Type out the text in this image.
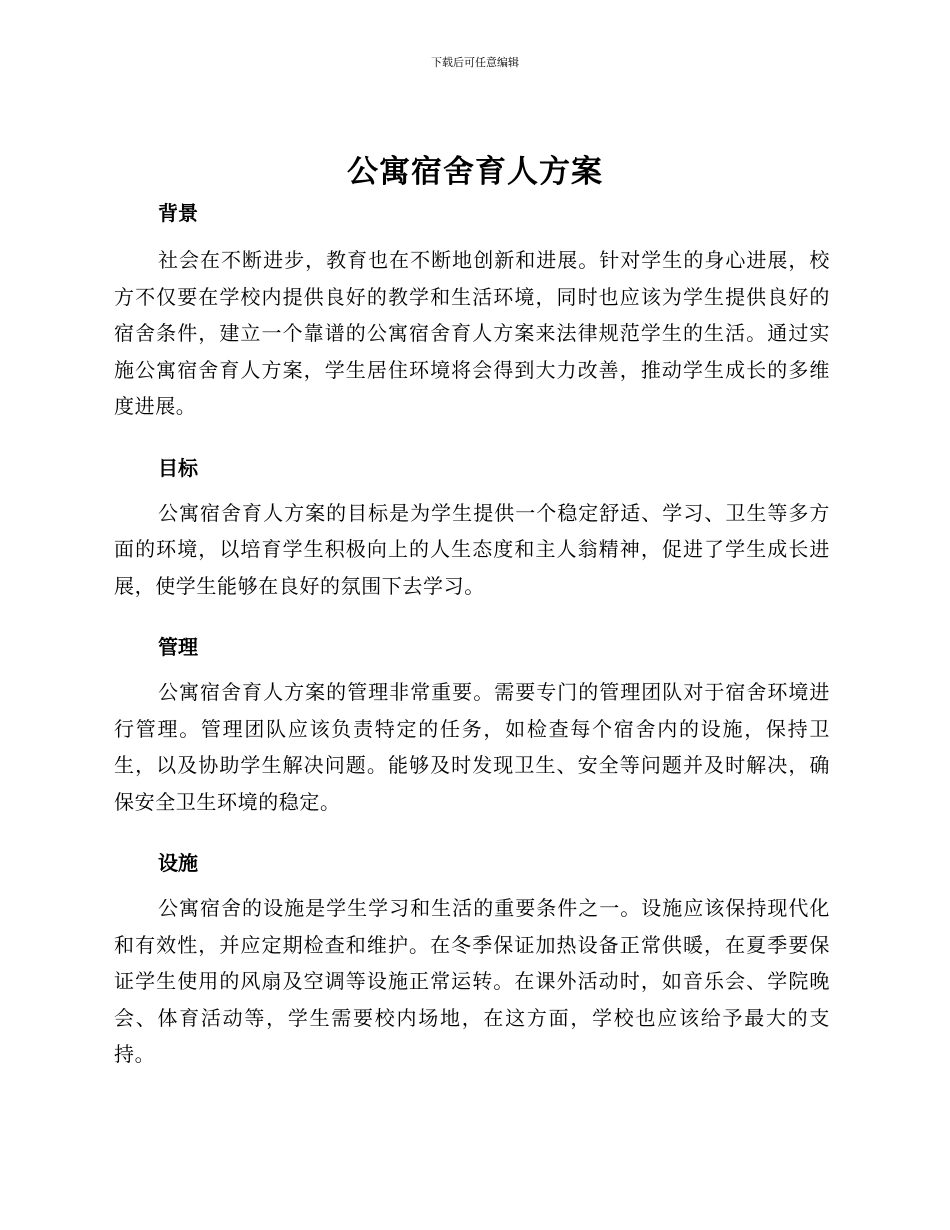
下载后可任意编辑
公寓宿舍育人方案
背景

社会在不断进步，教育也在不断地创新和进展。针对学生的身心进展，校方不仅要在学校内提供良好的教学和生活环境，同时也应该为学生提供良好的宿舍条件，建立一个靠谱的公寓宿舍育人方案来法律规范学生的生活。通过实施公寓宿舍育人方案，学生居住环境将会得到大力改善，推动学生成长的多维度进展。

目标

公寓宿舍育人方案的目标是为学生提供一个稳定舒适、学习、卫生等多方面的环境，以培育学生积极向上的人生态度和主人翁精神，促进了学生成长进展，使学生能够在良好的氛围下去学习。

管理

公寓宿舍育人方案的管理非常重要。需要专门的管理团队对于宿舍环境进行管理。管理团队应该负责特定的任务，如检查每个宿舍内的设施，保持卫生，以及协助学生解决问题。能够及时发现卫生、安全等问题并及时解决，确保安全卫生环境的稳定。

设施

公寓宿舍的设施是学生学习和生活的重要条件之一。设施应该保持现代化和有效性，并应定期检查和维护。在冬季保证加热设备正常供暖，在夏季要保证学生使用的风扇及空调等设施正常运转。在课外活动时，如音乐会、学院晚会、体育活动等，学生需要校内场地，在这方面，学校也应该给予最大的支持。
